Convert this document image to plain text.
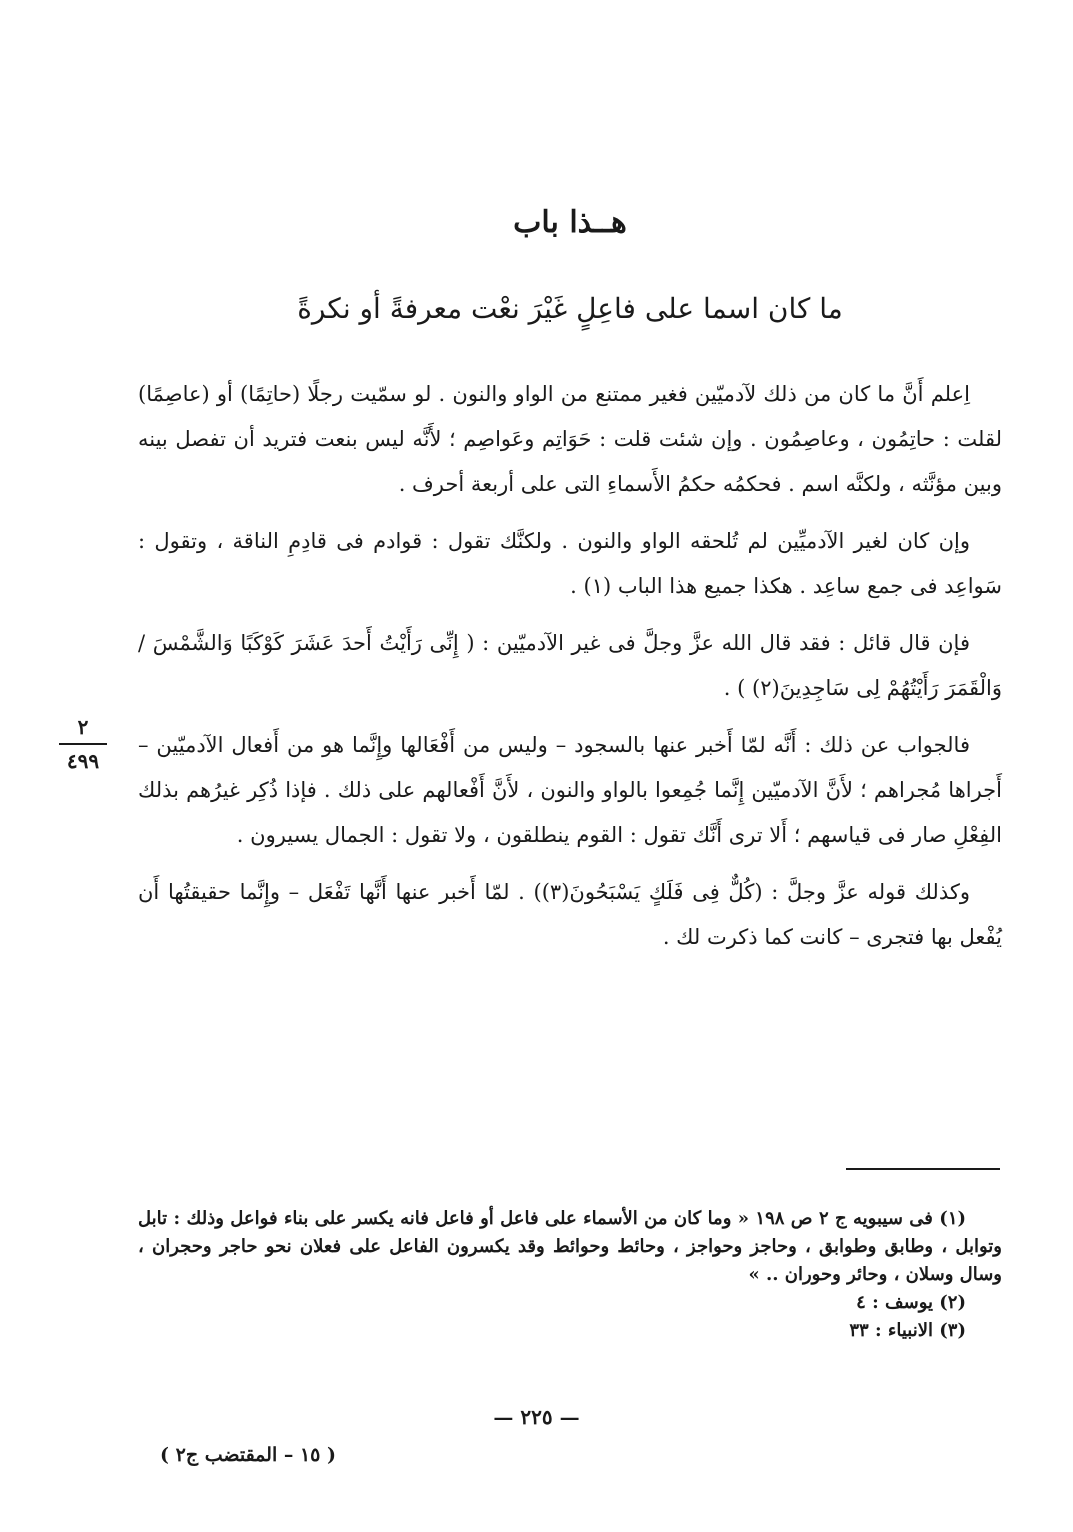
هــذا باب
ما كان اسما على فاعِلٍ غَيْرَ نعْت معرفةً أو نكرةً

اِعلم أَنَّ ما كان من ذلك لآدميّين فغير ممتنع من الواو والنون . لو سمّيت رجلًا (حاتِمًا) أو (عاصِمًا) لقلت : حاتِمُون ، وعاصِمُون . وإن شئت قلت : حَوَاتِم وعَواصِم ؛ لأَنَّه ليس بنعت فتريد أن تفصل بينه وبين مؤنَّثه ، ولكنَّه اسم . فحكمُه حكمُ الأَسماءِ التى على أربعة أحرف .

وإن كان لغير الآدميِّين لم تُلحقه الواو والنون . ولكنَّك تقول : قوادم فى قادِمِ الناقة ، وتقول : سَواعِد فى جمع ساعِد . هكذا جميع هذا الباب (١) .

فإن قال قائل : فقد قال الله عزَّ وجلَّ فى غير الآدميّين : ( إِنِّى رَأَيْتُ أَحدَ عَشَرَ كَوْكَبًا وَالشَّمْسَ / وَالْقَمَرَ رَأَيْتُهُمْ لِى سَاجِدِينَ(٢) ) .

فالجواب عن ذلك : أَنَّه لمّا أَخبر عنها بالسجود – وليس من أَفْعَالها وإِنَّما هو من أَفعال الآدميّين – أَجراها مُجراهم ؛ لأَنَّ الآدميّين إِنَّما جُمِعوا بالواو والنون ، لأَنَّ أَفْعالهم على ذلك . فإذا ذُكِر غيرُهم بذلك الفِعْلِ صار فى قياسهم ؛ أَلا ترى أَنَّك تقول : القوم ينطلقون ، ولا تقول : الجمال يسيرون .

وكذلك قوله عزَّ وجلَّ : (كُلٌّ فِى فَلَكٍ يَسْبَحُونَ(٣)) . لمّا أَخبر عنها أَنَّها تَفْعَل – وإِنَّما حقيقتُها أَن يُفْعل بها فتجرى – كانت كما ذكرت لك .

٢
٤٩٩

(١) فى سيبويه ج ٢ ص ١٩٨ « وما كان من الأسماء على فاعل أو فاعل فانه يكسر على بناء فواعل وذلك : تابل وتوابل ، وطابق وطوابق ، وحاجز وحواجز ، وحائط وحوائط وقد يكسرون الفاعل على فعلان نحو حاجر وحجران ، وسال وسلان ، وحائر وحوران .. »

(٢) يوسف : ٤

(٣) الانبياء : ٣٣

— ٢٢٥ —
( ١٥ – المقتضب ج٢ )
